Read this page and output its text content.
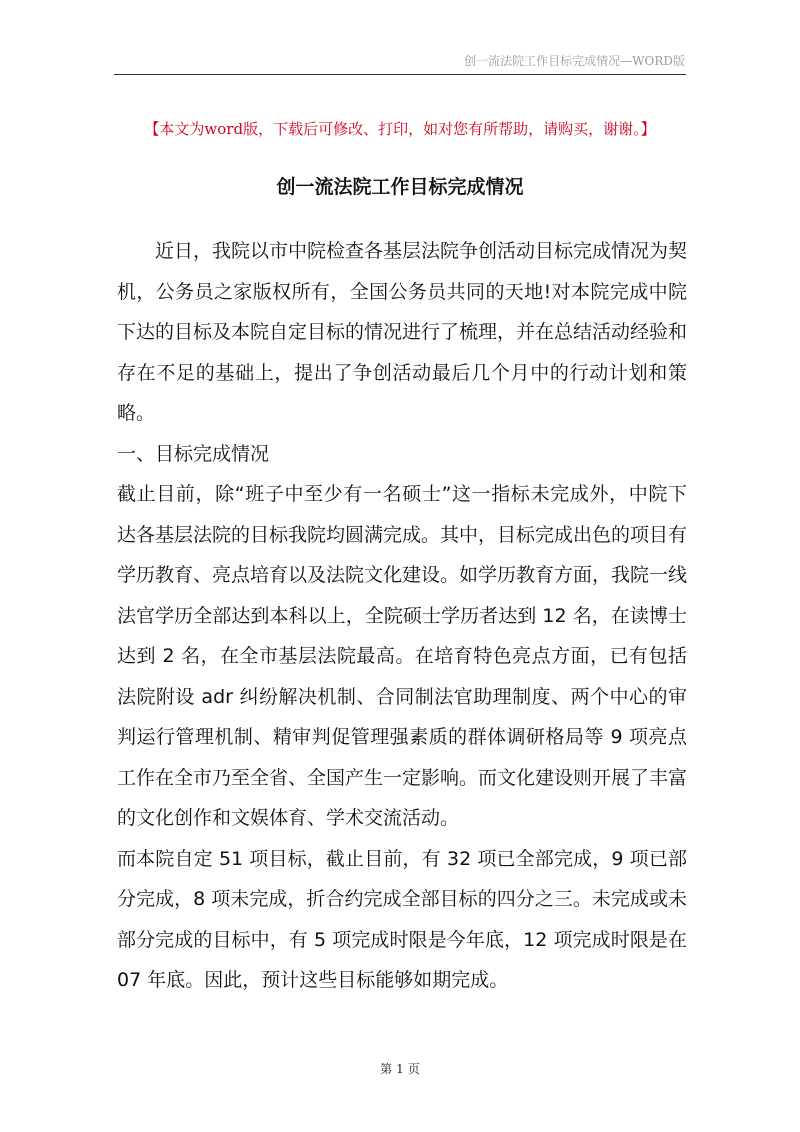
创一流法院工作目标完成情况—WORD版
【本文为word版，下载后可修改、打印，如对您有所帮助，请购买，谢谢。】
创一流法院工作目标完成情况

近日，我院以市中院检查各基层法院争创活动目标完成情况为契机，公务员之家版权所有，全国公务员共同的天地!对本院完成中院下达的目标及本院自定目标的情况进行了梳理，并在总结活动经验和存在不足的基础上，提出了争创活动最后几个月中的行动计划和策略。

一、目标完成情况

截止目前，除“班子中至少有一名硕士”这一指标未完成外，中院下达各基层法院的目标我院均圆满完成。其中，目标完成出色的项目有学历教育、亮点培育以及法院文化建设。如学历教育方面，我院一线法官学历全部达到本科以上，全院硕士学历者达到 12 名，在读博士达到 2 名，在全市基层法院最高。在培育特色亮点方面，已有包括法院附设 adr 纠纷解决机制、合同制法官助理制度、两个中心的审判运行管理机制、精审判促管理强素质的群体调研格局等 9 项亮点工作在全市乃至全省、全国产生一定影响。而文化建设则开展了丰富的文化创作和文娱体育、学术交流活动。

而本院自定 51 项目标，截止目前，有 32 项已全部完成，9 项已部分完成，8 项未完成，折合约完成全部目标的四分之三。未完成或未部分完成的目标中，有 5 项完成时限是今年底，12 项完成时限是在 07 年底。因此，预计这些目标能够如期完成。

第 1 页
